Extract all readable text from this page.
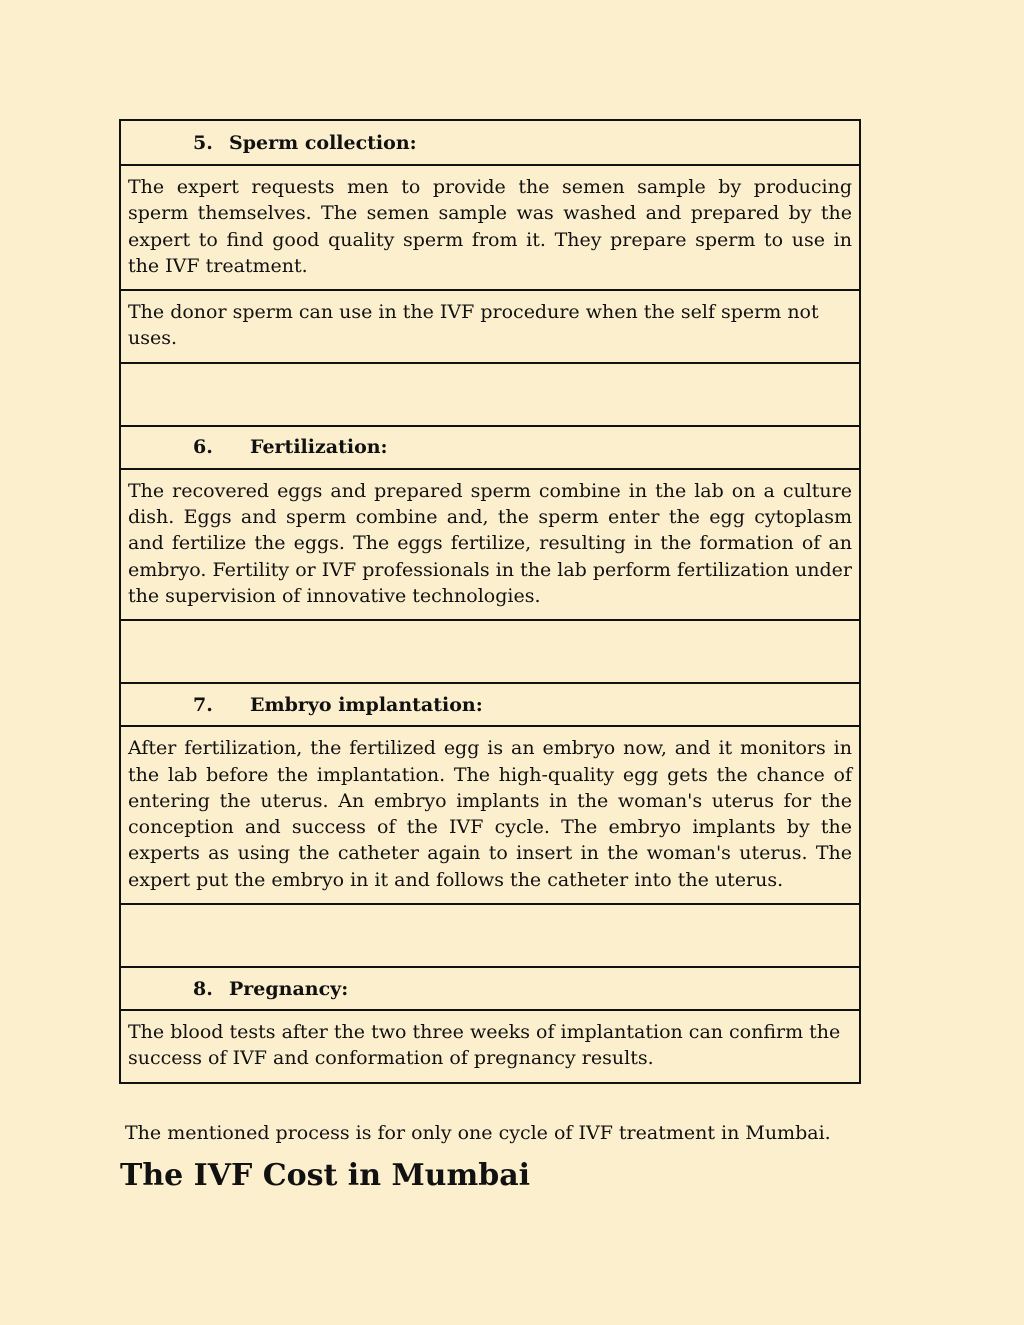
5. Sperm collection:
The expert requests men to provide the semen sample by producing sperm themselves. The semen sample was washed and prepared by the expert to find good quality sperm from it. They prepare sperm to use in the IVF treatment.
The donor sperm can use in the IVF procedure when the self sperm not uses.
6.	Fertilization:
The recovered eggs and prepared sperm combine in the lab on a culture dish. Eggs and sperm combine and, the sperm enter the egg cytoplasm and fertilize the eggs. The eggs fertilize, resulting in the formation of an embryo. Fertility or IVF professionals in the lab perform fertilization under the supervision of innovative technologies.
7.	Embryo implantation:
After fertilization, the fertilized egg is an embryo now, and it monitors in the lab before the implantation. The high-quality egg gets the chance of entering the uterus. An embryo implants in the woman's uterus for the conception and success of the IVF cycle. The embryo implants by the experts as using the catheter again to insert in the woman's uterus. The expert put the embryo in it and follows the catheter into the uterus.
8. Pregnancy:
The blood tests after the two three weeks of implantation can confirm the success of IVF and conformation of pregnancy results.

The mentioned process is for only one cycle of IVF treatment in Mumbai.

The IVF Cost in Mumbai
